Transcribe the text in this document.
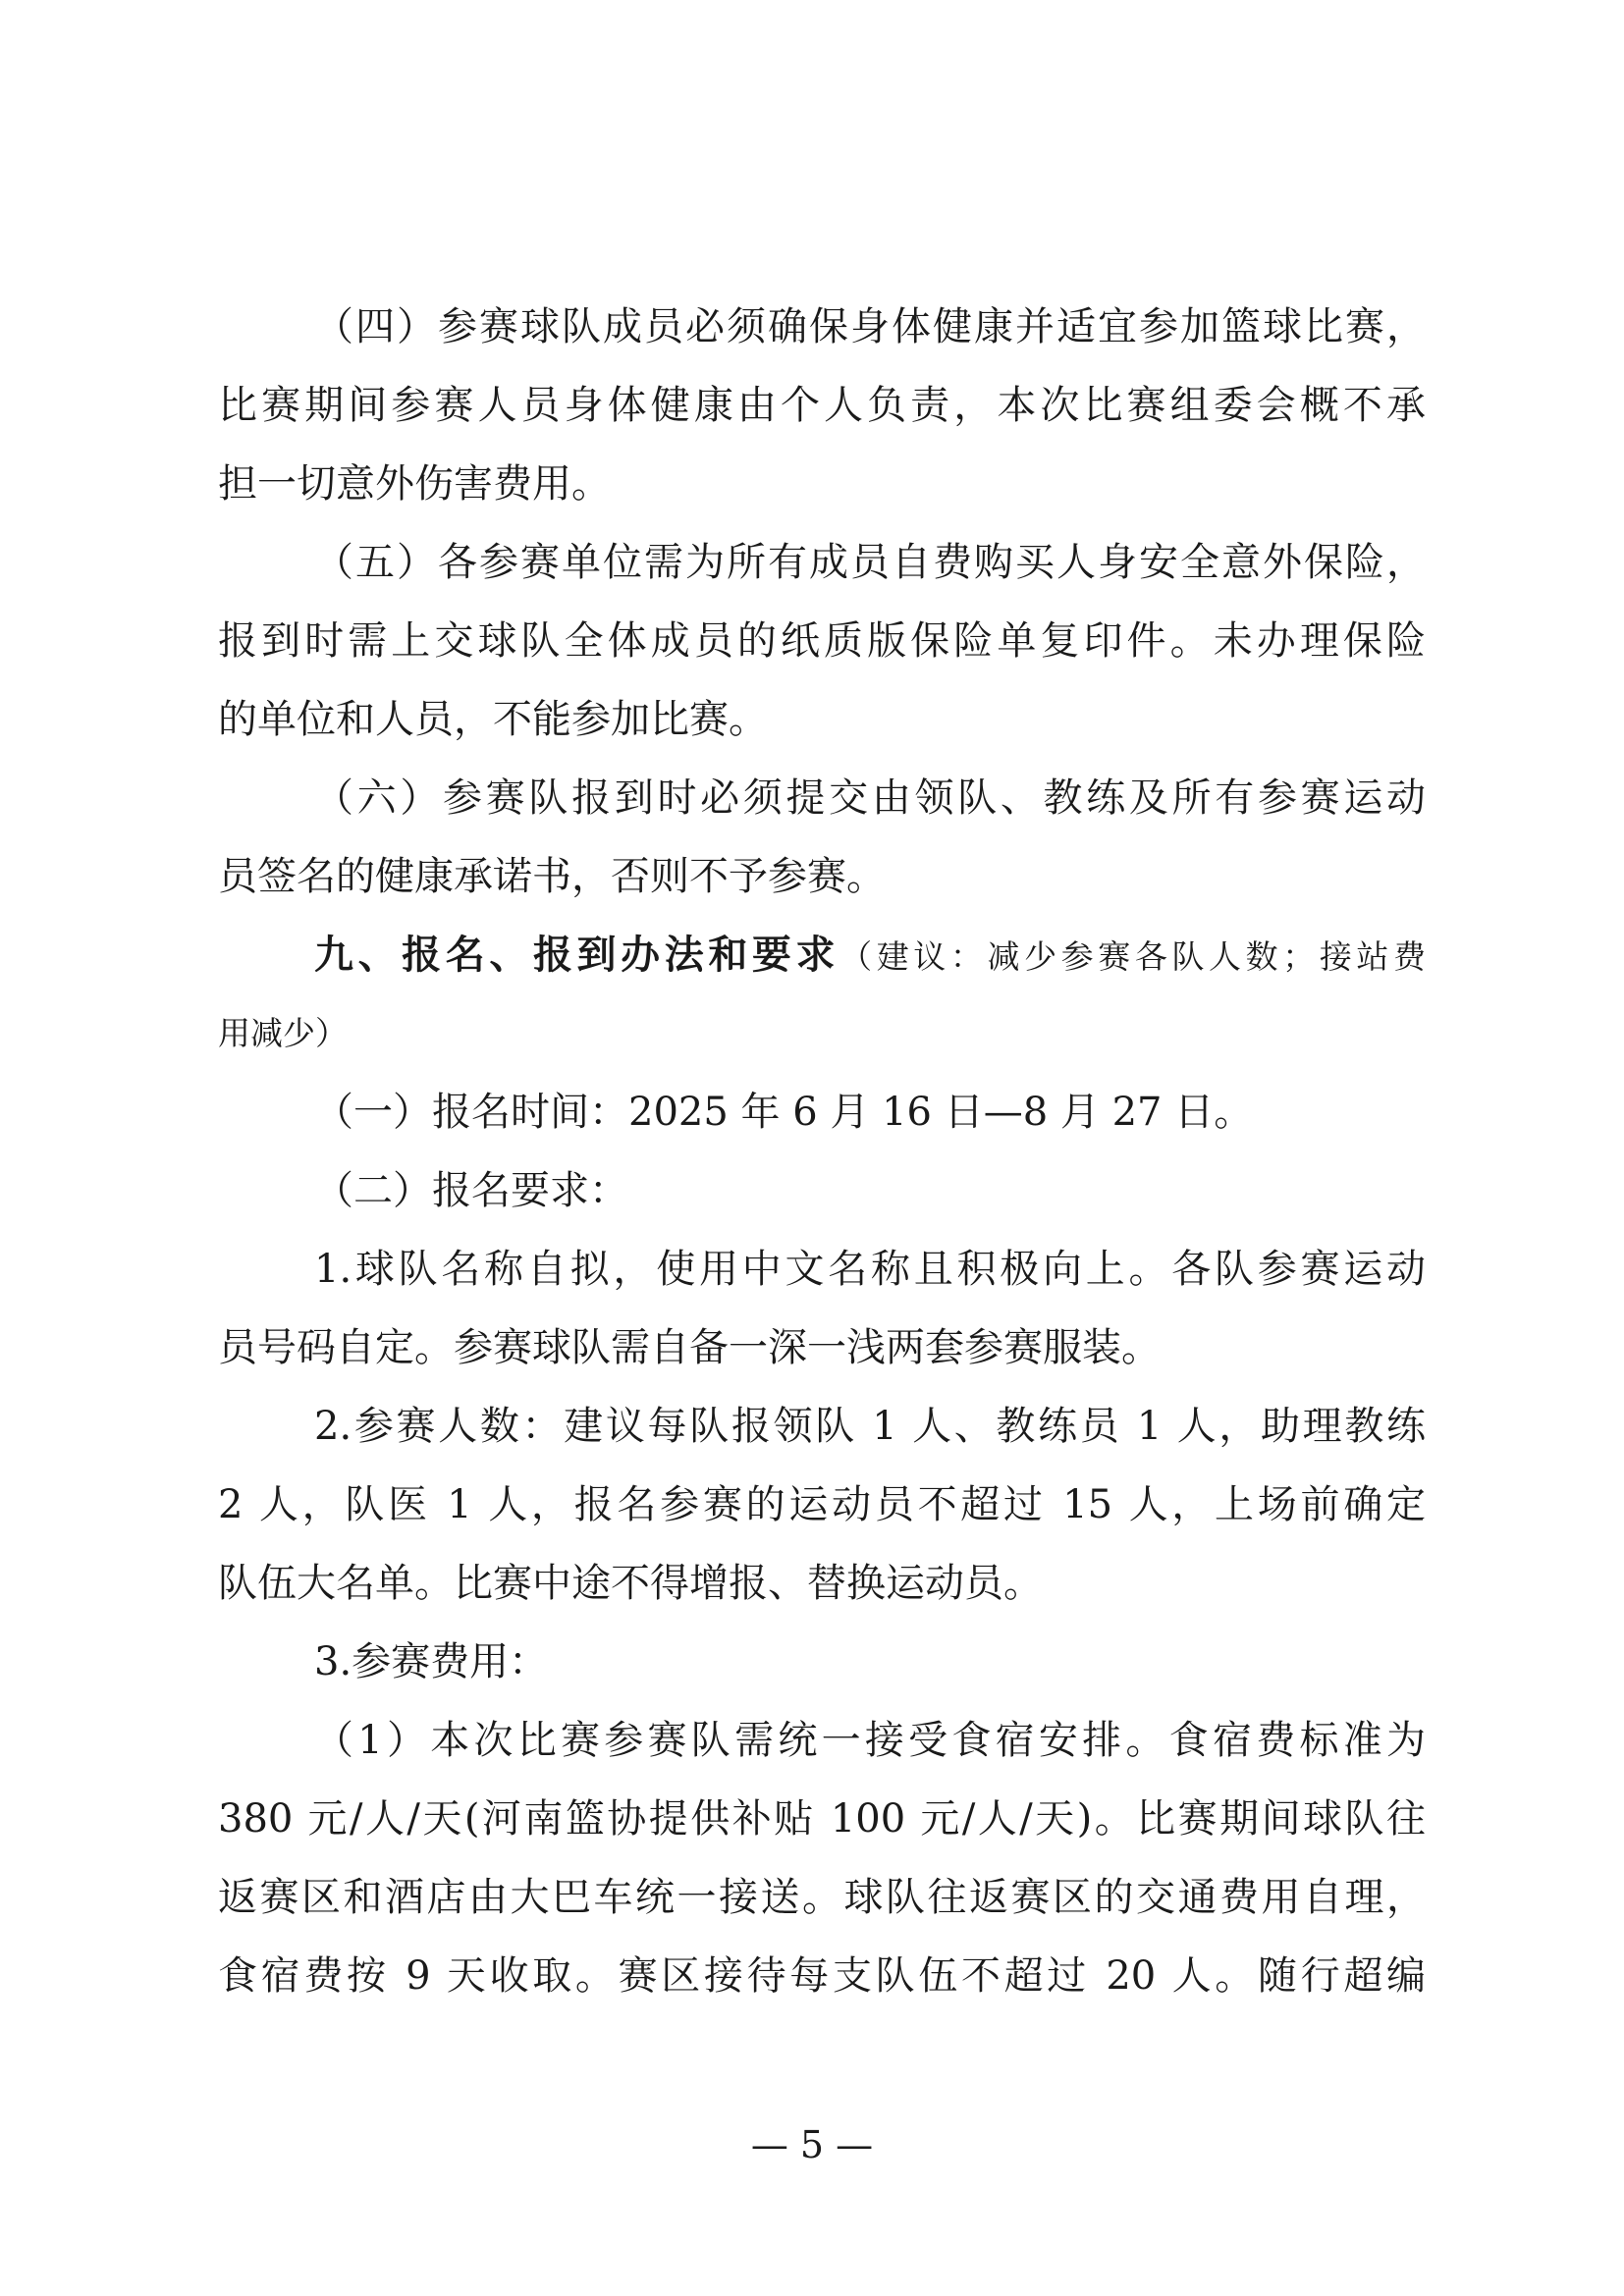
（四）参赛球队成员必须确保身体健康并适宜参加篮球比赛，
比赛期间参赛人员身体健康由个人负责，本次比赛组委会概不承
担一切意外伤害费用。
（五）各参赛单位需为所有成员自费购买人身安全意外保险，
报到时需上交球队全体成员的纸质版保险单复印件。未办理保险
的单位和人员，不能参加比赛。
（六）参赛队报到时必须提交由领队、教练及所有参赛运动
员签名的健康承诺书，否则不予参赛。
九、报名、报到办法和要求（建议：减少参赛各队人数；接站费
用减少）
（一）报名时间：2025 年 6 月 16 日—8 月 27 日。
（二）报名要求：
1.球队名称自拟，使用中文名称且积极向上。各队参赛运动
员号码自定。参赛球队需自备一深一浅两套参赛服装。
2.参赛人数：建议每队报领队 1 人、教练员 1 人，助理教练
2 人，队医 1 人，报名参赛的运动员不超过 15 人，上场前确定
队伍大名单。比赛中途不得增报、替换运动员。
3.参赛费用：
（1）本次比赛参赛队需统一接受食宿安排。食宿费标准为
380 元/人/天(河南篮协提供补贴 100 元/人/天)。比赛期间球队往
返赛区和酒店由大巴车统一接送。球队往返赛区的交通费用自理，
食宿费按 9 天收取。赛区接待每支队伍不超过 20 人。随行超编
— 5 —
